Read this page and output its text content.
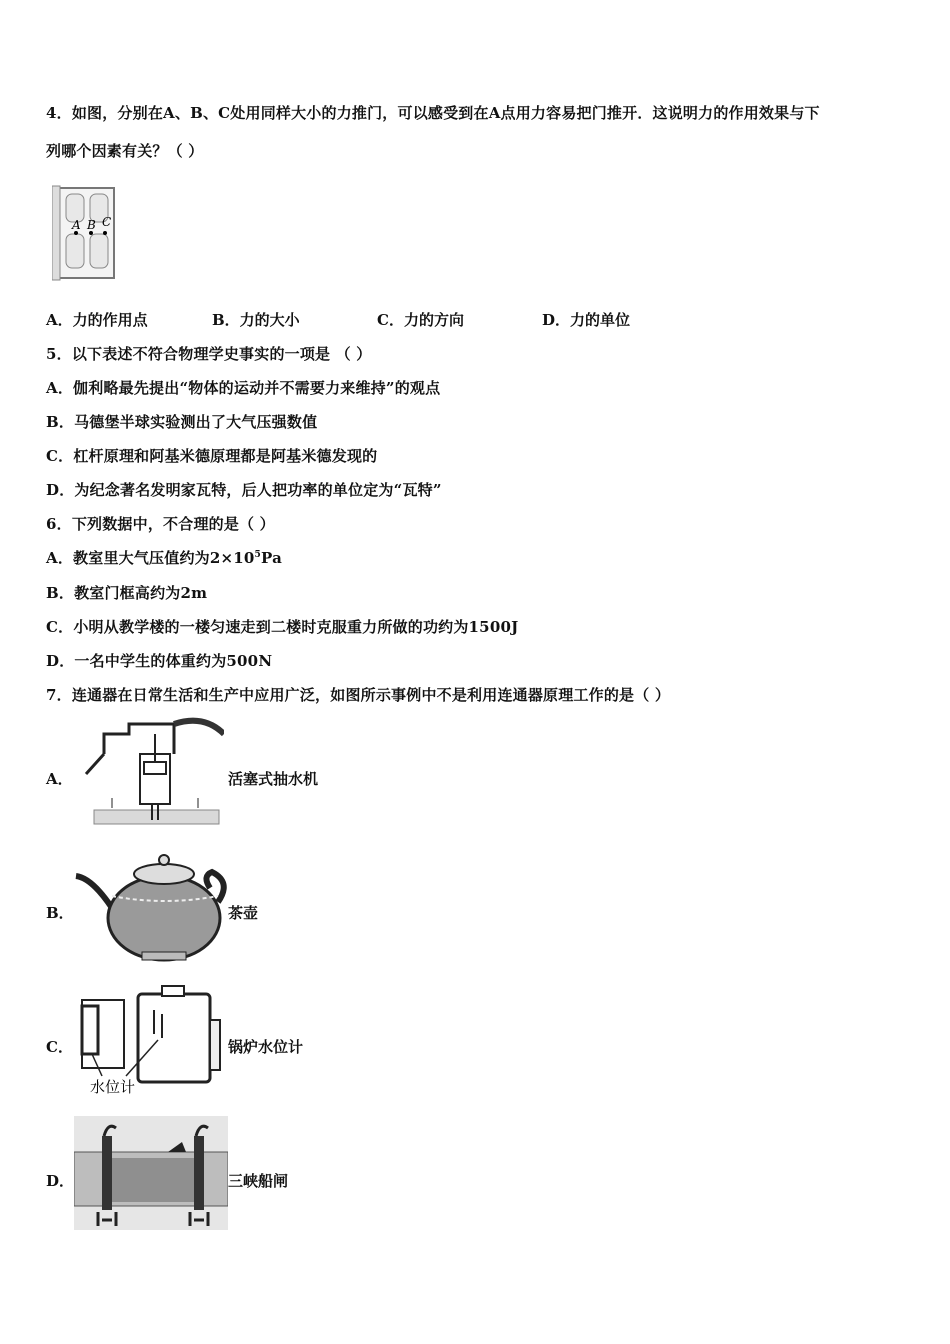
4．如图，分别在A、B、C处用同样大小的力推门，可以感受到在A点用力容易把门推开．这说明力的作用效果与下
列哪个因素有关？（ ）
A B C
A．力的作用点	B．力的大小	C．力的方向	D．力的单位
5．以下表述不符合物理学史事实的一项是 （ ）
A．伽利略最先提出“物体的运动并不需要力来维持”的观点
B．马德堡半球实验测出了大气压强数值
C．杠杆原理和阿基米德原理都是阿基米德发现的
D．为纪念著名发明家瓦特，后人把功率的单位定为“瓦特”
6．下列数据中，不合理的是（ ）
A．教室里大气压值约为$2\times 10^5Pa$
B．教室门框高约为2m
C．小明从教学楼的一楼匀速走到二楼时克服重力所做的功约为1500J
D．一名中学生的体重约为500N
7．连通器在日常生活和生产中应用广泛，如图所示事例中不是利用连通器原理工作的是（ ）
A．	活塞式抽水机
B．	茶壶
C．
水位计
锅炉水位计
D．	三峡船闸
